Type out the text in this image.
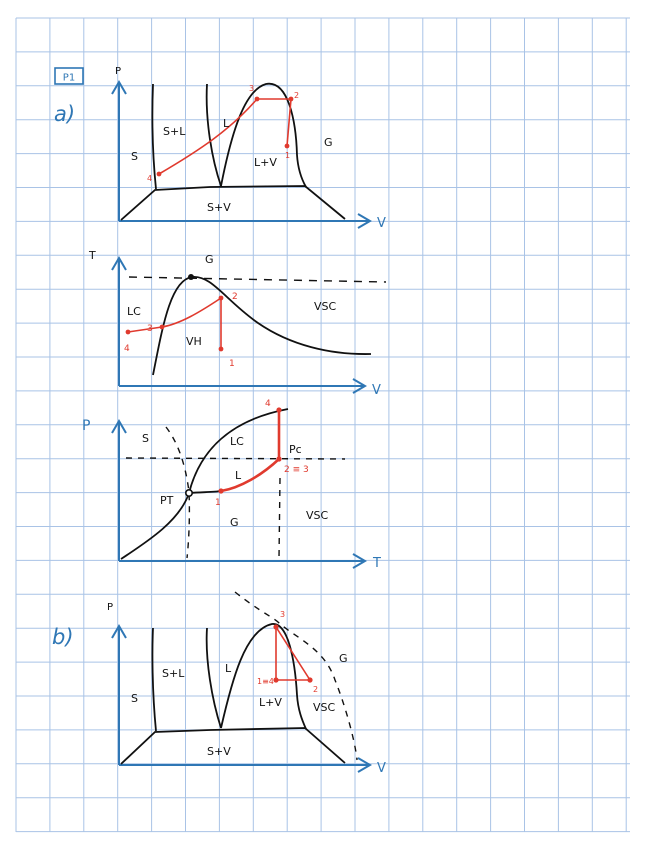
P1
a)
b)
P
V
4
3
2
1
S
S+L
L
L+V
G
S+V
T
V
4
3
2
1
G
LC	VSC
VH
P
T
4
1
2 ≡ 3
S	LC
L
G
VSC
Pc
PT
P
V
3
1≡4
2
S
S+L	L
L+V
G
VSC
S+V
